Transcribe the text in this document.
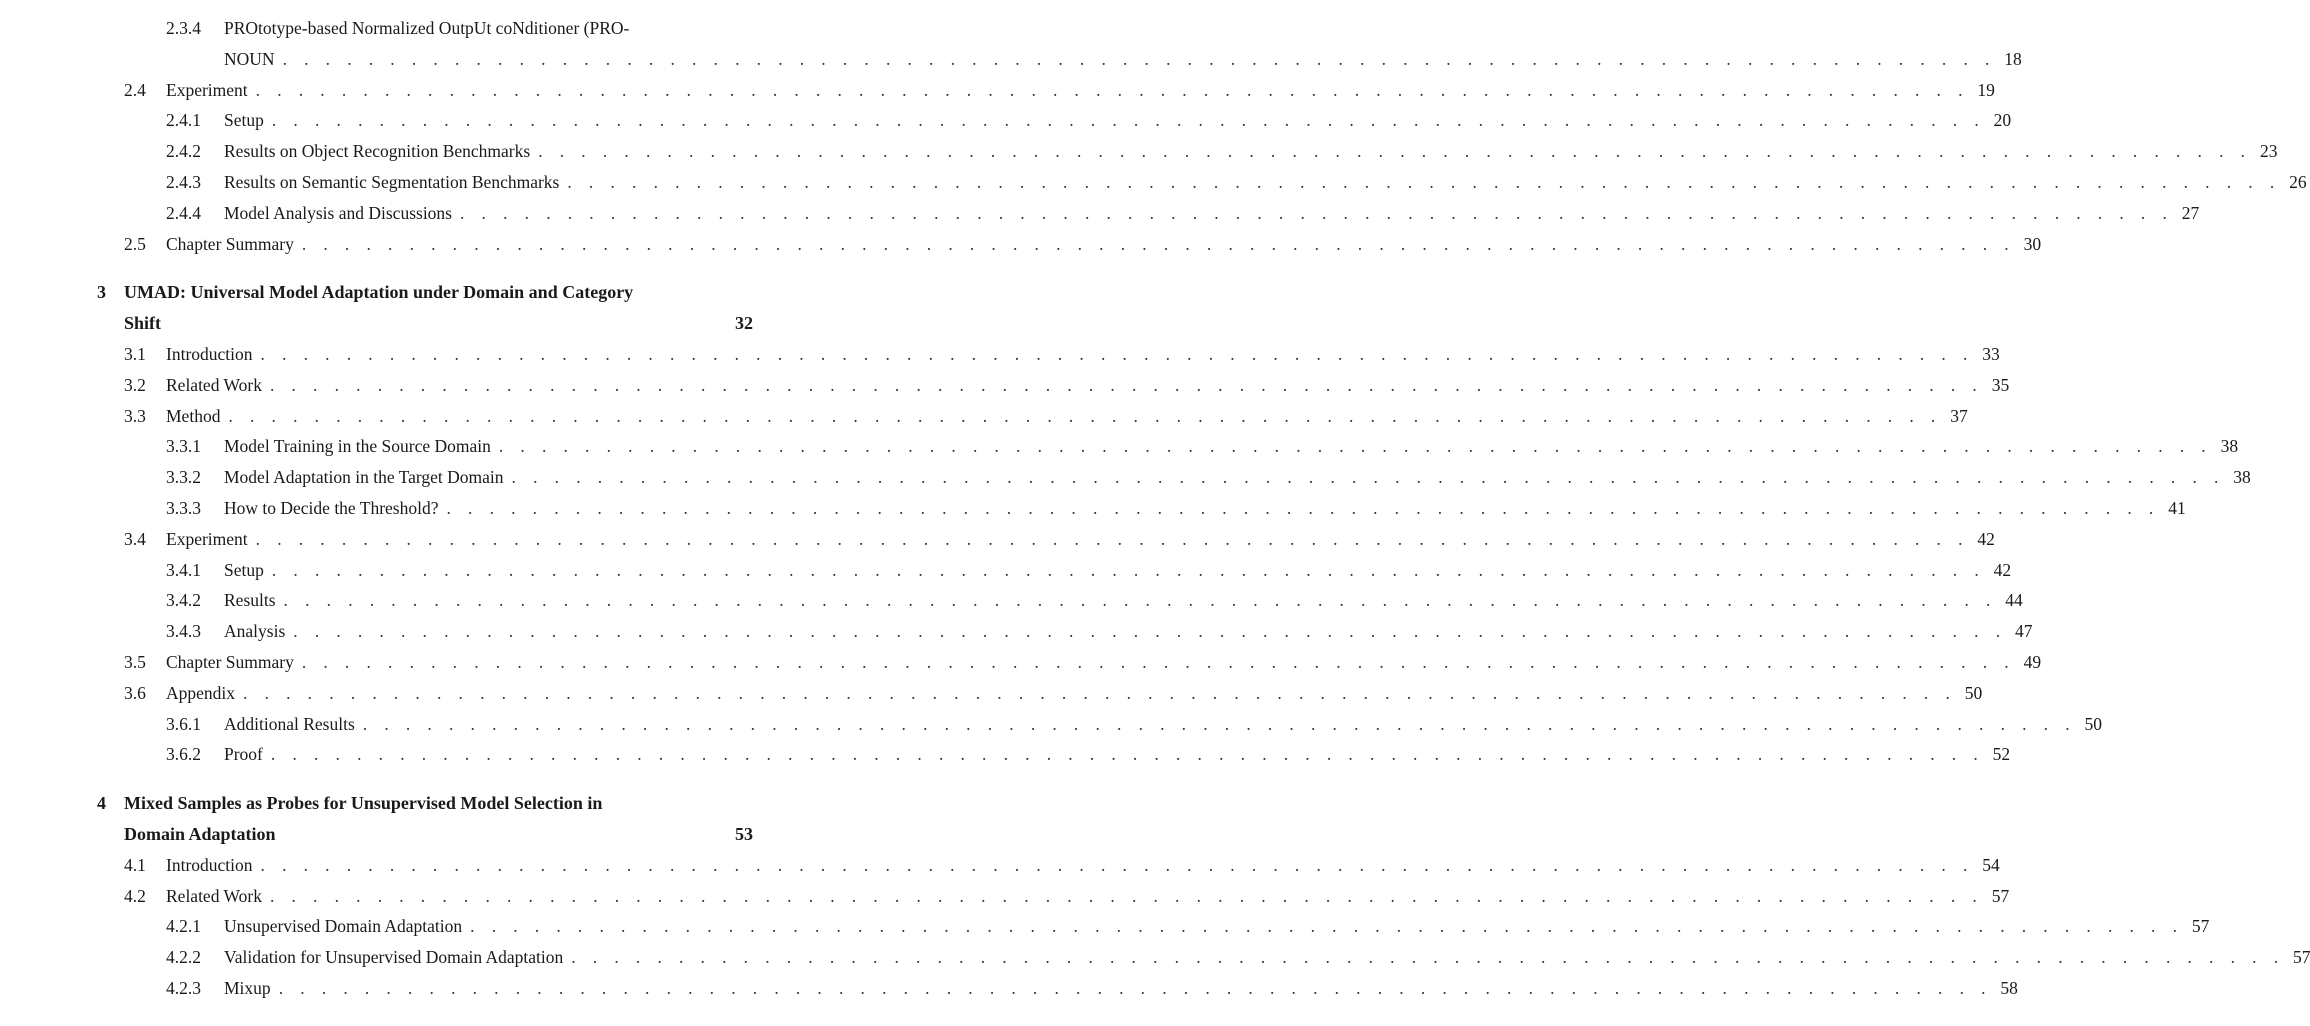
2.3.4 PROtotype-based Normalized OutpUt coNditioner (PRO-
NOUN . . . . . . . . . . . . . . . . . . . . . . . . . . . . . . . . . . . . . . . . . . . . . . . . . . . . . . . . . . . . . . . . . . . . . . . . . . . . . . . . 18
2.4 Experiment . . . . . . . . . . . . . . . . . . . . . . . . . . . . . . . . . . . . . . . . . . . . . . . . . . . . . . . . . . . . . . . . . . . . . . . . . . . . . . . . 19
2.4.1 Setup . . . . . . . . . . . . . . . . . . . . . . . . . . . . . . . . . . . . . . . . . . . . . . . . . . . . . . . . . . . . . . . . . . . . . . . . . . . . . . . . 20
2.4.2 Results on Object Recognition Benchmarks . . . . . . . . . . . . . . . . . . . . . . . . . . . . . . . . . . . . . . . . . . . . . . . . . . . . . . . . . . . . . . . . . . . . . . . . . . . . . . . . 23
2.4.3 Results on Semantic Segmentation Benchmarks . . . . . . . . . . . . . . . . . . . . . . . . . . . . . . . . . . . . . . . . . . . . . . . . . . . . . . . . . . . . . . . . . . . . . . . . . . . . . . . . 26
2.4.4 Model Analysis and Discussions . . . . . . . . . . . . . . . . . . . . . . . . . . . . . . . . . . . . . . . . . . . . . . . . . . . . . . . . . . . . . . . . . . . . . . . . . . . . . . . . 27
2.5 Chapter Summary . . . . . . . . . . . . . . . . . . . . . . . . . . . . . . . . . . . . . . . . . . . . . . . . . . . . . . . . . . . . . . . . . . . . . . . . . . . . . . . . 30
3 UMAD: Universal Model Adaptation under Domain and Category
Shift	32
3.1 Introduction . . . . . . . . . . . . . . . . . . . . . . . . . . . . . . . . . . . . . . . . . . . . . . . . . . . . . . . . . . . . . . . . . . . . . . . . . . . . . . . . 33
3.2 Related Work . . . . . . . . . . . . . . . . . . . . . . . . . . . . . . . . . . . . . . . . . . . . . . . . . . . . . . . . . . . . . . . . . . . . . . . . . . . . . . . . 35
3.3 Method . . . . . . . . . . . . . . . . . . . . . . . . . . . . . . . . . . . . . . . . . . . . . . . . . . . . . . . . . . . . . . . . . . . . . . . . . . . . . . . . 37
3.3.1 Model Training in the Source Domain . . . . . . . . . . . . . . . . . . . . . . . . . . . . . . . . . . . . . . . . . . . . . . . . . . . . . . . . . . . . . . . . . . . . . . . . . . . . . . . . 38
3.3.2 Model Adaptation in the Target Domain . . . . . . . . . . . . . . . . . . . . . . . . . . . . . . . . . . . . . . . . . . . . . . . . . . . . . . . . . . . . . . . . . . . . . . . . . . . . . . . . 38
3.3.3 How to Decide the Threshold? . . . . . . . . . . . . . . . . . . . . . . . . . . . . . . . . . . . . . . . . . . . . . . . . . . . . . . . . . . . . . . . . . . . . . . . . . . . . . . . . 41
3.4 Experiment . . . . . . . . . . . . . . . . . . . . . . . . . . . . . . . . . . . . . . . . . . . . . . . . . . . . . . . . . . . . . . . . . . . . . . . . . . . . . . . . 42
3.4.1 Setup . . . . . . . . . . . . . . . . . . . . . . . . . . . . . . . . . . . . . . . . . . . . . . . . . . . . . . . . . . . . . . . . . . . . . . . . . . . . . . . . 42
3.4.2 Results . . . . . . . . . . . . . . . . . . . . . . . . . . . . . . . . . . . . . . . . . . . . . . . . . . . . . . . . . . . . . . . . . . . . . . . . . . . . . . . . 44
3.4.3 Analysis . . . . . . . . . . . . . . . . . . . . . . . . . . . . . . . . . . . . . . . . . . . . . . . . . . . . . . . . . . . . . . . . . . . . . . . . . . . . . . . . 47
3.5 Chapter Summary . . . . . . . . . . . . . . . . . . . . . . . . . . . . . . . . . . . . . . . . . . . . . . . . . . . . . . . . . . . . . . . . . . . . . . . . . . . . . . . . 49
3.6 Appendix . . . . . . . . . . . . . . . . . . . . . . . . . . . . . . . . . . . . . . . . . . . . . . . . . . . . . . . . . . . . . . . . . . . . . . . . . . . . . . . . 50
3.6.1 Additional Results . . . . . . . . . . . . . . . . . . . . . . . . . . . . . . . . . . . . . . . . . . . . . . . . . . . . . . . . . . . . . . . . . . . . . . . . . . . . . . . . 50
3.6.2 Proof . . . . . . . . . . . . . . . . . . . . . . . . . . . . . . . . . . . . . . . . . . . . . . . . . . . . . . . . . . . . . . . . . . . . . . . . . . . . . . . . 52
4 Mixed Samples as Probes for Unsupervised Model Selection in
Domain Adaptation	53
4.1 Introduction . . . . . . . . . . . . . . . . . . . . . . . . . . . . . . . . . . . . . . . . . . . . . . . . . . . . . . . . . . . . . . . . . . . . . . . . . . . . . . . . 54
4.2 Related Work . . . . . . . . . . . . . . . . . . . . . . . . . . . . . . . . . . . . . . . . . . . . . . . . . . . . . . . . . . . . . . . . . . . . . . . . . . . . . . . . 57
4.2.1 Unsupervised Domain Adaptation . . . . . . . . . . . . . . . . . . . . . . . . . . . . . . . . . . . . . . . . . . . . . . . . . . . . . . . . . . . . . . . . . . . . . . . . . . . . . . . . 57
4.2.2 Validation for Unsupervised Domain Adaptation . . . . . . . . . . . . . . . . . . . . . . . . . . . . . . . . . . . . . . . . . . . . . . . . . . . . . . . . . . . . . . . . . . . . . . . . . . . . . . . . 57
4.2.3 Mixup . . . . . . . . . . . . . . . . . . . . . . . . . . . . . . . . . . . . . . . . . . . . . . . . . . . . . . . . . . . . . . . . . . . . . . . . . . . . . . . . 58
